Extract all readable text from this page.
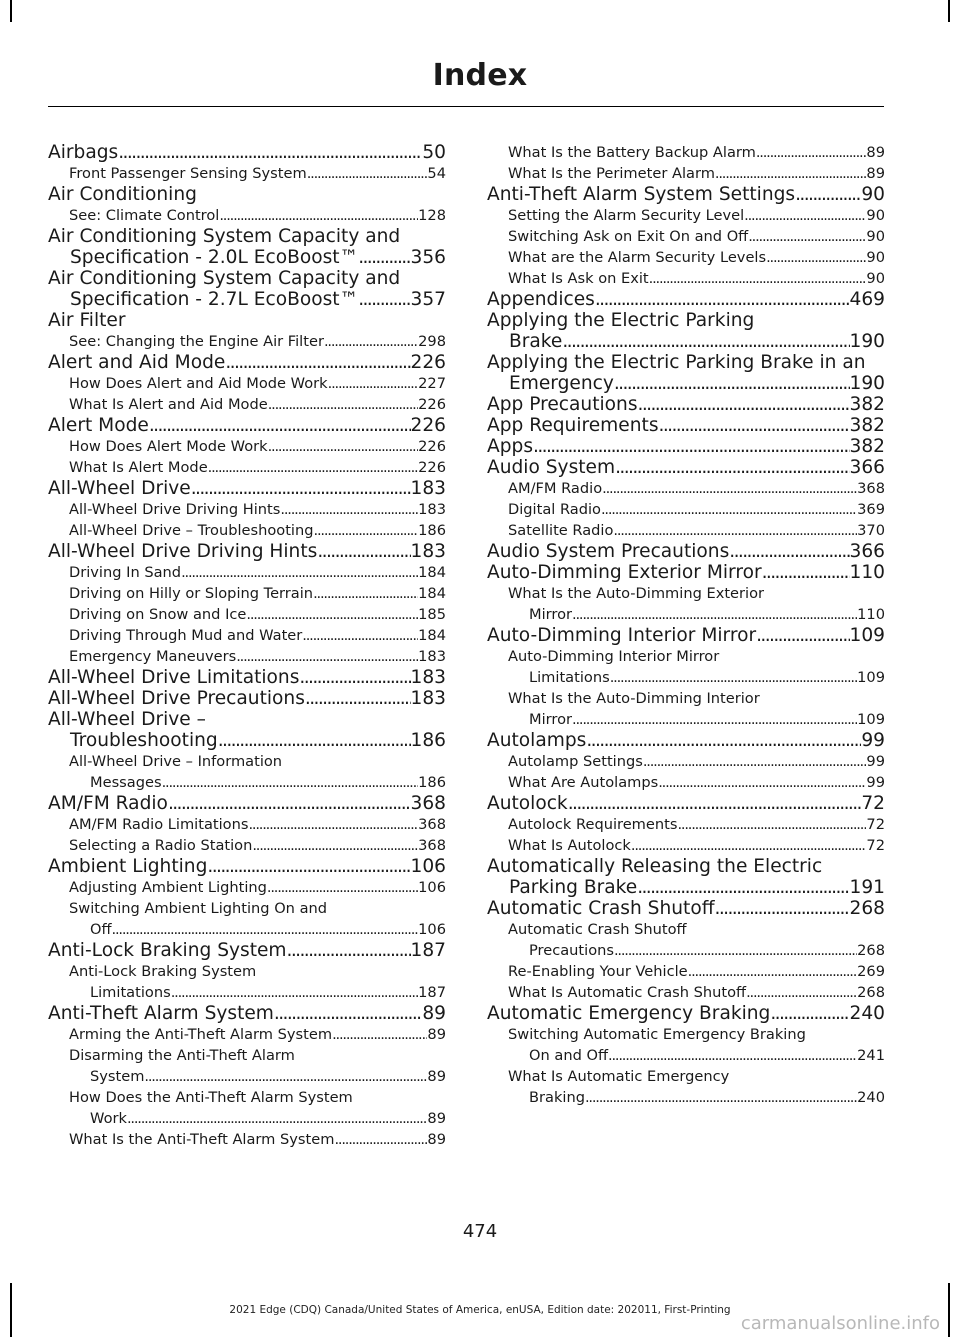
Index
Airbags .....	50
Front Passenger Sensing System .....	54
Air Conditioning
See: Climate Control .....	128
Air Conditioning System Capacity and
Specification - 2.0L EcoBoost™ .....	356
Air Conditioning System Capacity and
Specification - 2.7L EcoBoost™ .....	357
Air Filter
See: Changing the Engine Air Filter .....	298
Alert and Aid Mode .....	226
How Does Alert and Aid Mode Work .....	227
What Is Alert and Aid Mode .....	226
Alert Mode .....	226
How Does Alert Mode Work .....	226
What Is Alert Mode .....	226
All-Wheel Drive .....	183
All-Wheel Drive Driving Hints .....	183
All-Wheel Drive – Troubleshooting .....	186
All-Wheel Drive Driving Hints .....	183
Driving In Sand .....	184
Driving on Hilly or Sloping Terrain .....	184
Driving on Snow and Ice .....	185
Driving Through Mud and Water .....	184
Emergency Maneuvers .....	183
All-Wheel Drive Limitations .....	183
All-Wheel Drive Precautions .....	183
All-Wheel Drive –
Troubleshooting .....	186
All-Wheel Drive – Information
Messages .....	186
AM/FM Radio .....	368
AM/FM Radio Limitations .....	368
Selecting a Radio Station .....	368
Ambient Lighting .....	106
Adjusting Ambient Lighting .....	106
Switching Ambient Lighting On and
Off .....	106
Anti-Lock Braking System .....	187
Anti-Lock Braking System
Limitations .....	187
Anti-Theft Alarm System .....	89
Arming the Anti-Theft Alarm System .....	89
Disarming the Anti-Theft Alarm
System .....	89
How Does the Anti-Theft Alarm System
Work .....	89
What Is the Anti-Theft Alarm System .....	89
What Is the Battery Backup Alarm .....	89
What Is the Perimeter Alarm .....	89
Anti-Theft Alarm System Settings .....	90
Setting the Alarm Security Level .....	90
Switching Ask on Exit On and Off .....	90
What are the Alarm Security Levels .....	90
What Is Ask on Exit .....	90
Appendices .....	469
Applying the Electric Parking
Brake .....	190
Applying the Electric Parking Brake in an
Emergency .....	190
App Precautions .....	382
App Requirements .....	382
Apps .....	382
Audio System .....	366
AM/FM Radio .....	368
Digital Radio .....	369
Satellite Radio .....	370
Audio System Precautions .....	366
Auto-Dimming Exterior Mirror .....	110
What Is the Auto-Dimming Exterior
Mirror .....	110
Auto-Dimming Interior Mirror .....	109
Auto-Dimming Interior Mirror
Limitations .....	109
What Is the Auto-Dimming Interior
Mirror .....	109
Autolamps .....	99
Autolamp Settings .....	99
What Are Autolamps .....	99
Autolock .....	72
Autolock Requirements .....	72
What Is Autolock .....	72
Automatically Releasing the Electric
Parking Brake .....	191
Automatic Crash Shutoff .....	268
Automatic Crash Shutoff
Precautions .....	268
Re-Enabling Your Vehicle .....	269
What Is Automatic Crash Shutoff .....	268
Automatic Emergency Braking .....	240
Switching Automatic Emergency Braking
On and Off .....	241
What Is Automatic Emergency
Braking .....	240
474
2021 Edge (CDQ) Canada/United States of America, enUSA, Edition date: 202011, First-Printing
carmanualsonline.info
